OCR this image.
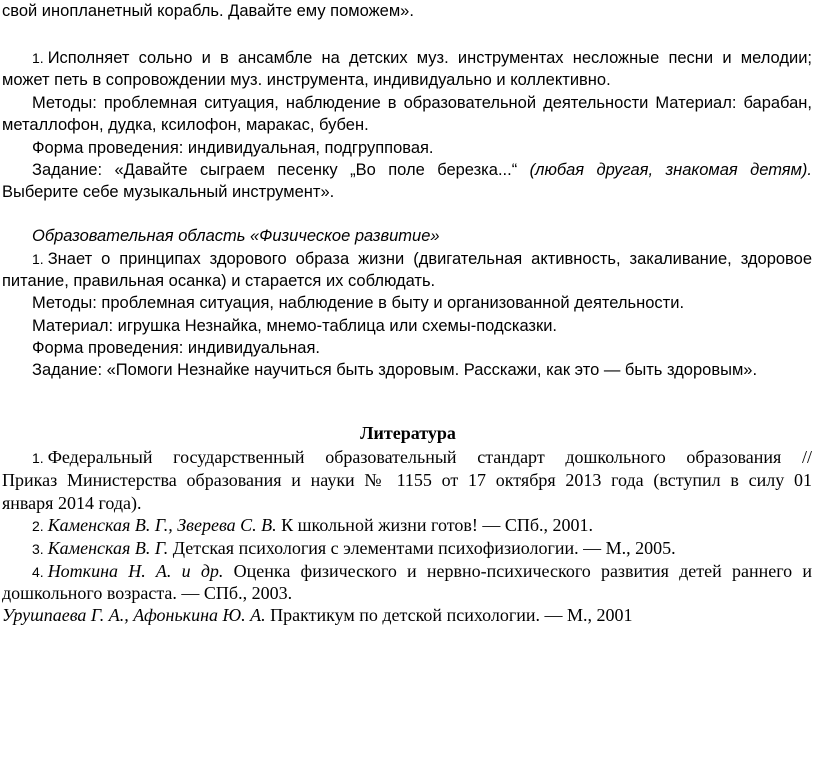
свой инопланетный корабль. Давайте ему поможем».
1. Исполняет сольно и в ансамбле на детских муз. инструментах несложные песни и мелодии;
может петь в сопровождении муз. инструмента, индивидуально и коллективно.
Методы: проблемная ситуация, наблюдение в образовательной деятельности Материал: барабан,
металлофон, дудка, ксилофон, маракас, бубен.
Форма проведения: индивидуальная, подгрупповая.
Задание: «Давайте сыграем песенку „Во поле березка...“ (любая другая, знакомая детям).
Выберите себе музыкальный инструмент».
Образовательная область «Физическое развитие»
1. Знает о принципах здорового образа жизни (двигательная активность, закаливание, здоровое
питание, правильная осанка) и старается их соблюдать.
Методы: проблемная ситуация, наблюдение в быту и организованной деятельности.
Материал: игрушка Незнайка, мнемо-таблица или схемы-подсказки.
Форма проведения: индивидуальная.
Задание: «Помоги Незнайке научиться быть здоровым. Расскажи, как это — быть здоровым».
Литература
1. Федеральный государственный образовательный стандарт дошкольного образования //
Приказ Министерства образования и науки № 1155 от 17 октября 2013 года (вступил в силу 01
января 2014 года).
2. Каменская В. Г., Зверева С. В. К школьной жизни готов! — СПб., 2001.
3. Каменская В. Г. Детская психология с элементами психофизиологии. — М., 2005.
4. Ноткина Н. А. и др. Оценка физического и нервно-психического развития детей раннего и
дошкольного возраста. — СПб., 2003.
Урушпаева Г. А., Афонькина Ю. А. Практикум по детской психологии. — М., 2001
